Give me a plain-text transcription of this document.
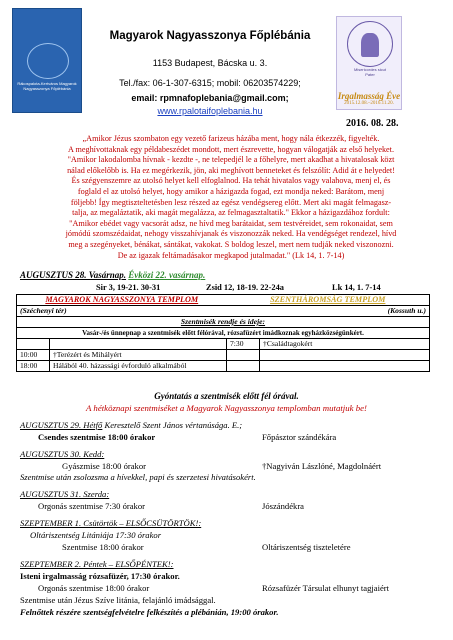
Rákospalota-Kertváros Magyarok Nagyasszonya Főplébánia
Misericordes sicut Pater
Irgalmasság Éve
2015.12.08.–2016.11.20.
Magyarok Nagyasszonya Főplébánia
1153 Budapest, Bácska u. 3.
Tel./fax: 06-1-307-6315; mobil: 06203574229;
email: rpmnafoplebania@gmail.com;
www.rpalotaifoplebania.hu
2016. 08. 28.
„Amikor Jézus szombaton egy vezető farizeus házába ment, hogy nála étkezzék, figyelték.
A meghívottaknak egy példabeszédet mondott, mert észrevette, hogyan válogatják az első helyeket.
"Amikor lakodalomba hívnak - kezdte -, ne telepedjél le a főhelyre, mert akadhat a hivatalosak közt
nálad előkelőbb is. Ha ez megérkezik, jön, aki meghívott benneteket és felszólít: Adid át e helyedet!
És szégyenszemre az utolsó helyet kell elfoglalnod. Ha tehát hivatalos vagy valahova, menj el, és
foglald el az utolsó helyet, hogy amikor a házigazda fogad, ezt mondja neked: Barátom, menj
följebb! Így megtiszteltetésben lesz részed az egész vendégsereg előtt. Mert aki magát felmagasz-
talja, az megaláztatik, aki magát megalázza, az felmagasztaltatik." Ekkor a házigazdához fordult:
"Amikor ebédet vagy vacsorát adsz, ne hívd meg barátaidat, sem testvéreidet, sem rokonaidat, sem
jómódú szomszédaidat, nehogy visszahívjanak és viszonozzák neked. Ha vendégséget rendezel, hívd
meg a szegényeket, bénákat, sántákat, vakokat. S boldog leszel, mert nem tudják neked viszonozni.
De az igazak feltámadásakor megkapod jutalmadat." (Lk 14, 1. 7-14)
AUGUSZTUS 28. Vasárnap. Évközi 22. vasárnap.
Sir 3, 19-21. 30-31	Zsid 12, 18-19. 22-24a	Lk 14, 1. 7-14
MAGYAROK NAGYASSZONYA TEMPLOM		SZENTHÁROMSÁG TEMPLOM	
(Széchenyi tér)		(Kossuth u.)	
Szentmisék rendje és ideje:			
Vasár-/és ünnepnap a szentmisék előtt félórával, rózsafüzért imádkoznak egyházközségünkért.			
		7:30	†Családtagokért
10:00	†Terézért és Mihályért		
18:00	Hálából 40. házassági évforduló alkalmából		
Gyóntatás a szentmisék előtt fél órával.
A hétköznapi szentmiséket a Magyarok Nagyasszonya templomban mutatjuk be!
AUGUSZTUS 29. Hétfő Keresztelő Szent János vértanúsága. E.;
Csendes szentmise 18:00 órakor	Főpásztor szándékára
AUGUSZTUS 30. Kedd:
Gyászmise 18:00 órakor	†Nagyiván Lászlóné, Magdolnáért
Szentmise után zsolozsma a hívekkel, papi és szerzetesi hivatásokért.
AUGUSZTUS 31. Szerda:
Orgonás szentmise 7:30 órakor	Jószándékra
SZEPTEMBER 1. Csütörtök – ELSŐCSÜTÖRTÖK!:
Oltáriszentség Litániája 17:30 órakor
Szentmise 18:00 órakor	Oltáriszentség tiszteletére
SZEPTEMBER 2. Péntek – ELSŐPÉNTEK!:
Isteni irgalmasság rózsafüzér, 17:30 órakor.
Orgonás szentmise 18:00 órakor	Rózsafüzér Társulat elhunyt tagjaiért
Szentmise után Jézus Szíve litánia, felajánló imádsággal.
Felnőttek részére szentségfelvételre felkészítés a plébánián, 19:00 órakor.
